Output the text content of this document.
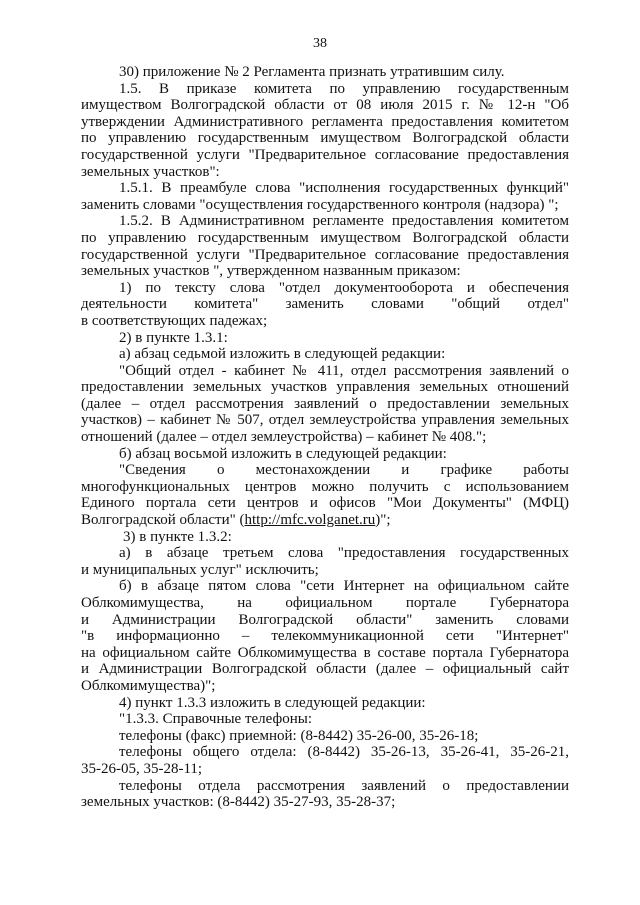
38
30) приложение № 2 Регламента признать утратившим силу.
1.5. В приказе комитета по управлению государственным
имуществом Волгоградской области от 08 июля 2015 г. № 12-н "Об
утверждении Административного регламента предоставления комитетом
по управлению государственным имуществом Волгоградской области
государственной услуги "Предварительное согласование предоставления
земельных участков":
1.5.1. В преамбуле слова "исполнения государственных функций"
заменить словами "осуществления государственного контроля (надзора) ";
1.5.2. В Административном регламенте предоставления комитетом
по управлению государственным имуществом Волгоградской области
государственной услуги "Предварительное согласование предоставления
земельных участков ", утвержденном названным приказом:
1) по тексту слова "отдел документооборота и обеспечения
деятельности комитета" заменить словами "общий отдел"
в соответствующих падежах;
2) в пункте 1.3.1:
а) абзац седьмой изложить в следующей редакции:
"Общий отдел - кабинет № 411, отдел рассмотрения заявлений о
предоставлении земельных участков управления земельных отношений
(далее – отдел рассмотрения заявлений о предоставлении земельных
участков) – кабинет № 507, отдел землеустройства управления земельных
отношений (далее – отдел землеустройства) – кабинет № 408.";
б) абзац восьмой изложить в следующей редакции:
"Сведения о местонахождении и графике работы
многофункциональных центров можно получить с использованием
Единого портала сети центров и офисов "Мои Документы" (МФЦ)
Волгоградской области" (http://mfc.volganet.ru)";
3) в пункте 1.3.2:
а) в абзаце третьем слова "предоставления государственных
и муниципальных услуг" исключить;
б) в абзаце пятом слова "сети Интернет на официальном сайте
Облкомимущества, на официальном портале Губернатора
и Администрации Волгоградской области" заменить словами
"в информационно – телекоммуникационной сети "Интернет"
на официальном сайте Облкомимущества в составе портала Губернатора
и Администрации Волгоградской области (далее – официальный сайт
Облкомимущества)";
4) пункт 1.3.3 изложить в следующей редакции:
"1.3.3. Справочные телефоны:
телефоны (факс) приемной: (8-8442) 35-26-00, 35-26-18;
телефоны общего отдела: (8-8442) 35-26-13, 35-26-41, 35-26-21,
35-26-05, 35-28-11;
телефоны отдела рассмотрения заявлений о предоставлении
земельных участков: (8-8442) 35-27-93, 35-28-37;
